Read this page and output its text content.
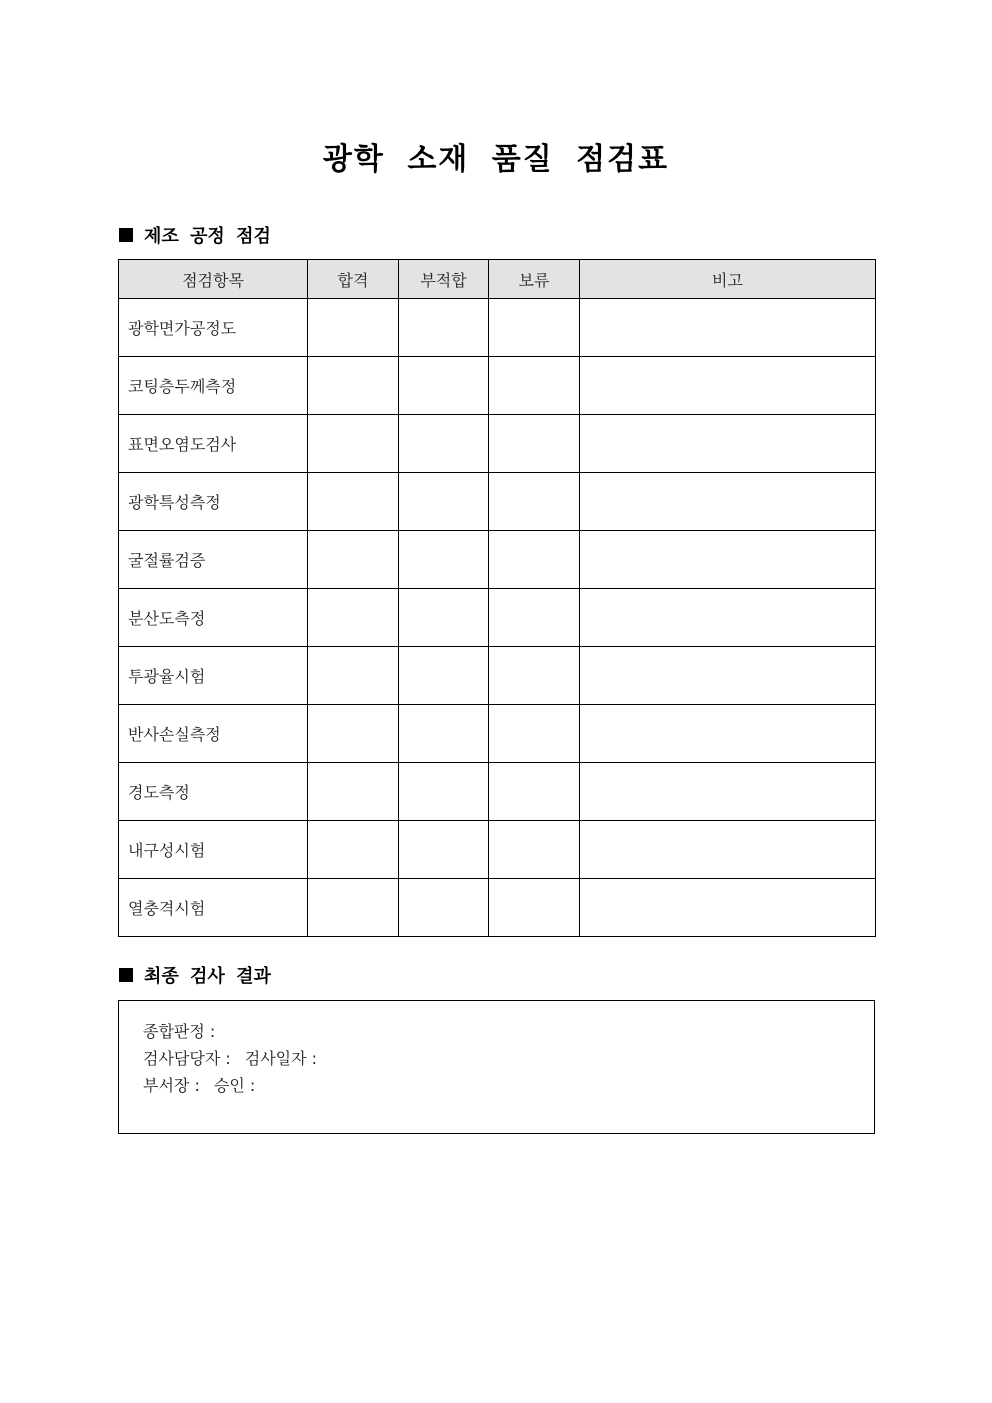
광학 소재 품질 점검표
제조 공정 점검
점검항목	합격	부적합	보류	비고
광학면가공정도				
코팅층두께측정				
표면오염도검사				
광학특성측정				
굴절률검증				
분산도측정				
투광율시험				
반사손실측정				
경도측정				
내구성시험				
열충격시험				
최종 검사 결과
종합판정 :
검사담당자 : 검사일자 :
부서장 : 승인 :
